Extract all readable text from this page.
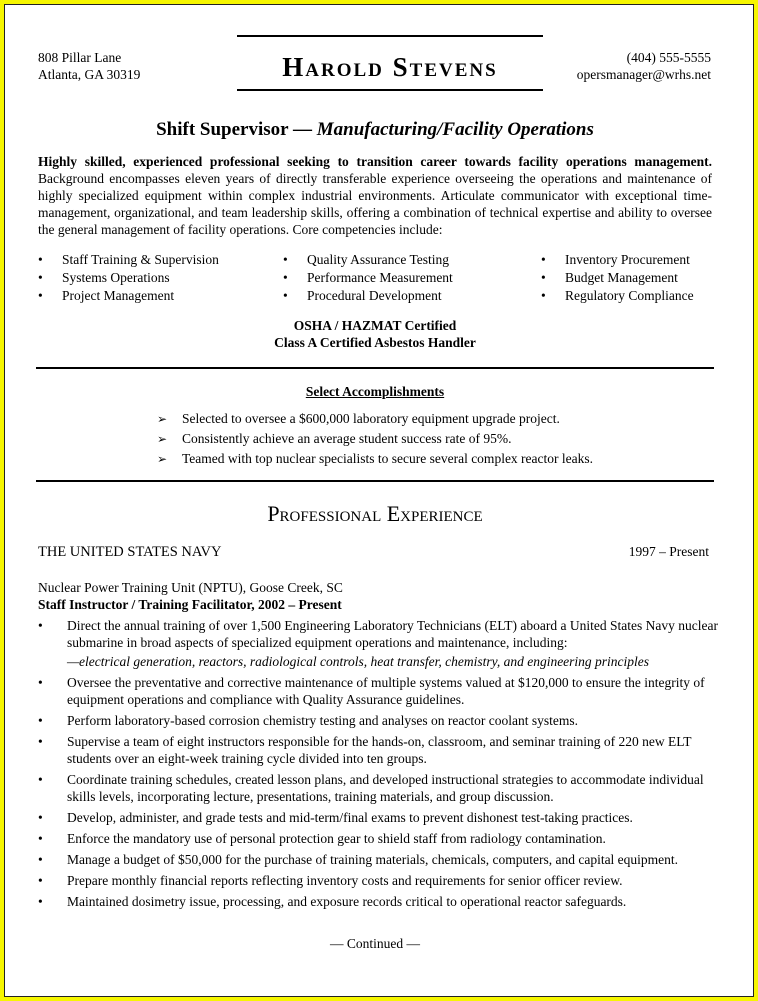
808 Pillar Lane
Atlanta, GA 30319	Harold Stevens	(404) 555-5555
opersmanager@wrhs.net
Shift Supervisor — Manufacturing/Facility Operations
Highly skilled, experienced professional seeking to transition career towards facility operations management. Background encompasses eleven years of directly transferable experience overseeing the operations and maintenance of highly specialized equipment within complex industrial environments. Articulate communicator with exceptional time-management, organizational, and team leadership skills, offering a combination of technical expertise and ability to oversee the general management of facility operations. Core competencies include:
• Staff Training & Supervision
• Systems Operations
• Project Management
• Quality Assurance Testing
• Performance Measurement
• Procedural Development
• Inventory Procurement
• Budget Management
• Regulatory Compliance
OSHA / HAZMAT Certified
Class A Certified Asbestos Handler
Select Accomplishments
➢ Selected to oversee a $600,000 laboratory equipment upgrade project.
➢ Consistently achieve an average student success rate of 95%.
➢ Teamed with top nuclear specialists to secure several complex reactor leaks.
Professional Experience
THE UNITED STATES NAVY	1997 – Present
Nuclear Power Training Unit (NPTU), Goose Creek, SC
Staff Instructor / Training Facilitator, 2002 – Present
• Direct the annual training of over 1,500 Engineering Laboratory Technicians (ELT) aboard a United States Navy nuclear submarine in broad aspects of specialized equipment operations and maintenance, including:
—electrical generation, reactors, radiological controls, heat transfer, chemistry, and engineering principles
• Oversee the preventative and corrective maintenance of multiple systems valued at $120,000 to ensure the integrity of equipment operations and compliance with Quality Assurance guidelines.
• Perform laboratory-based corrosion chemistry testing and analyses on reactor coolant systems.
• Supervise a team of eight instructors responsible for the hands-on, classroom, and seminar training of 220 new ELT students over an eight-week training cycle divided into ten groups.
• Coordinate training schedules, created lesson plans, and developed instructional strategies to accommodate individual skills levels, incorporating lecture, presentations, training materials, and group discussion.
• Develop, administer, and grade tests and mid-term/final exams to prevent dishonest test-taking practices.
• Enforce the mandatory use of personal protection gear to shield staff from radiology contamination.
• Manage a budget of $50,000 for the purchase of training materials, chemicals, computers, and capital equipment.
• Prepare monthly financial reports reflecting inventory costs and requirements for senior officer review.
• Maintained dosimetry issue, processing, and exposure records critical to operational reactor safeguards.
— Continued —
